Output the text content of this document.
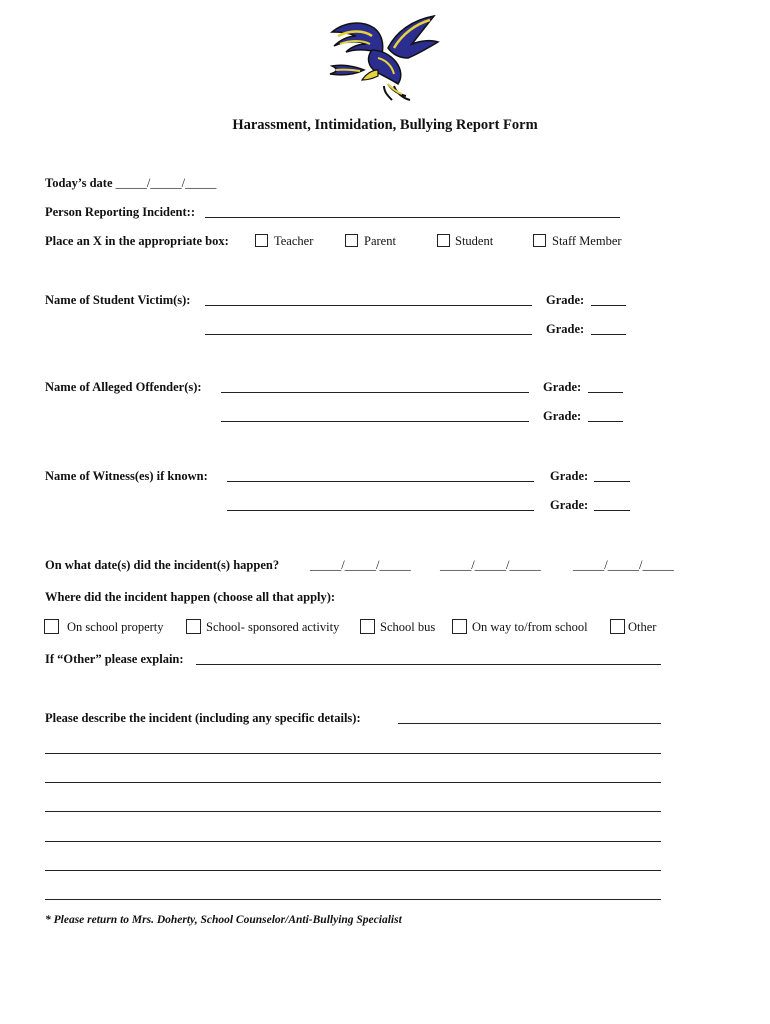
Harassment, Intimidation, Bullying Report Form
Today’s date _____/_____/_____
Person Reporting Incident::
Place an X in the appropriate box:	Teacher	Parent	Student	Staff Member
Name of Student Victim(s):	Grade:
Grade:
Name of Alleged Offender(s):	Grade:
Grade:
Name of Witness(es) if known:	Grade:
Grade:
On what date(s) did the incident(s) happen? _____/_____/_____ _____/_____/_____	_____/_____/_____
Where did the incident happen (choose all that apply):
On school property	School- sponsored activity	School bus	On way to/from school	Other
If “Other” please explain:
Please describe the incident (including any specific details):
* Please return to Mrs. Doherty, School Counselor/Anti-Bullying Specialist
